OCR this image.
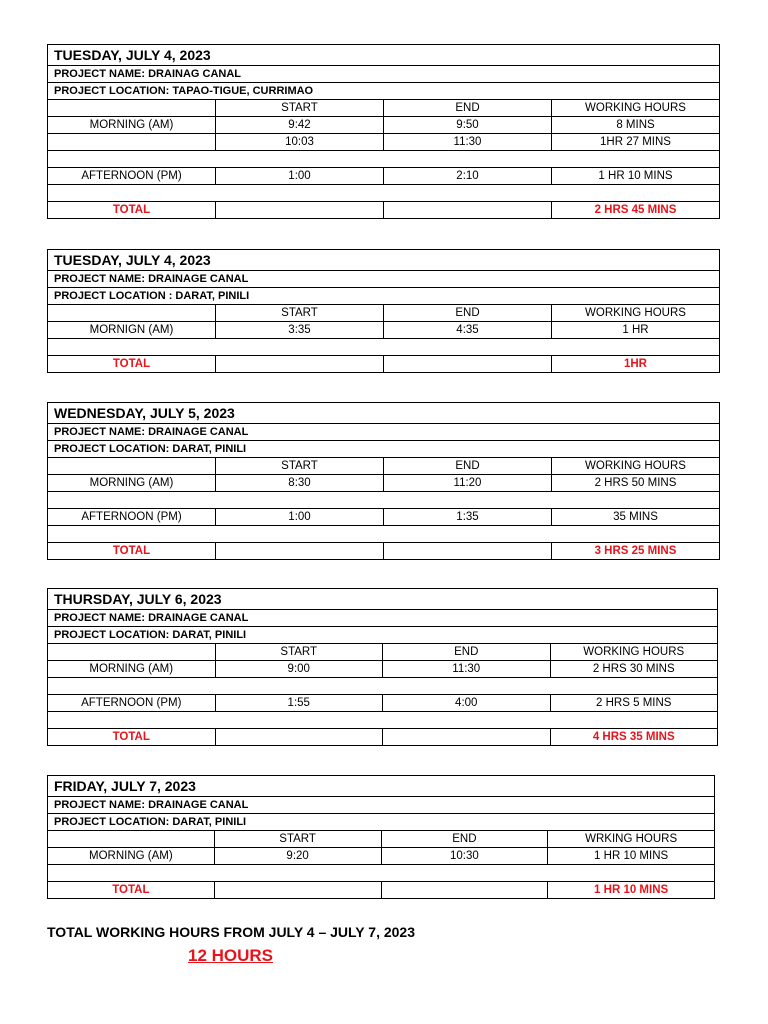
TUESDAY, JULY 4, 2023			
PROJECT NAME: DRAINAG CANAL			
PROJECT LOCATION: TAPAO-TIGUE, CURRIMAO			
	START	END	WORKING HOURS
MORNING (AM)	9:42	9:50	8 MINS
	10:03	11:30	1HR 27 MINS

AFTERNOON (PM)	1:00	2:10	1 HR 10 MINS

TOTAL			2 HRS 45 MINS
TUESDAY, JULY 4, 2023			
PROJECT NAME: DRAINAGE CANAL			
PROJECT LOCATION : DARAT, PINILI			
	START	END	WORKING HOURS
MORNIGN (AM)	3:35	4:35	1 HR

TOTAL			1HR
WEDNESDAY, JULY 5, 2023			
PROJECT NAME: DRAINAGE CANAL			
PROJECT LOCATION: DARAT, PINILI			
	START	END	WORKING HOURS
MORNING (AM)	8:30	11:20	2 HRS 50 MINS

AFTERNOON (PM)	1:00	1:35	35 MINS

TOTAL			3 HRS 25 MINS
THURSDAY, JULY 6, 2023			
PROJECT NAME: DRAINAGE CANAL			
PROJECT LOCATION: DARAT, PINILI			
	START	END	WORKING HOURS
MORNING (AM)	9:00	11:30	2 HRS 30 MINS

AFTERNOON (PM)	1:55	4:00	2 HRS 5 MINS

TOTAL			4 HRS 35 MINS
FRIDAY, JULY 7, 2023			
PROJECT NAME: DRAINAGE CANAL			
PROJECT LOCATION: DARAT, PINILI			
	START	END	WRKING HOURS
MORNING (AM)	9:20	10:30	1 HR 10 MINS

TOTAL			1 HR 10 MINS
TOTAL WORKING HOURS FROM JULY 4 – JULY 7, 2023
12 HOURS
